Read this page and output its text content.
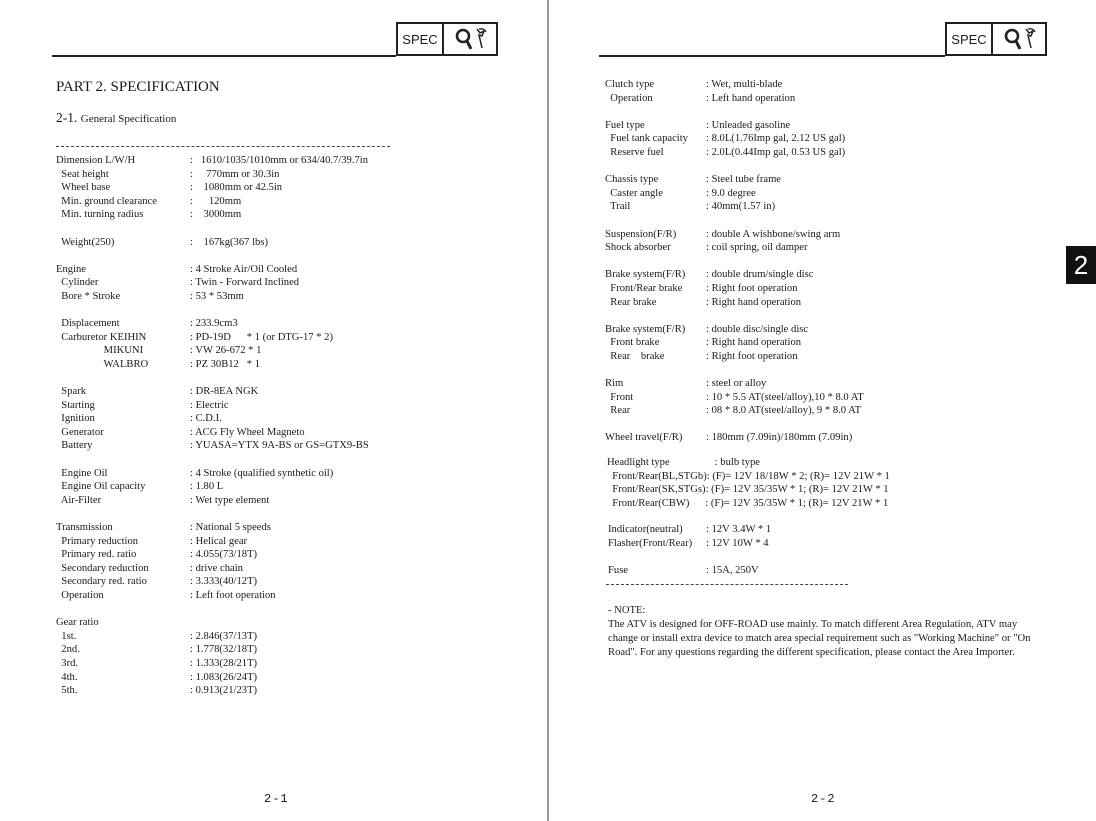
SPEC
PART 2. SPECIFICATION
2-1. General Specification
Dimension L/W/H	:   1610/1035/1010mm or 634/40.7/39.7in
Seat height	:     770mm or 30.3in
Wheel base	:    1080mm or 42.5in
Min. ground clearance	:      120mm
Min. turning radius	:    3000mm
Weight(250)	:    167kg(367 lbs)
Engine	: 4 Stroke Air/Oil Cooled
Cylinder	: Twin - Forward Inclined
Bore * Stroke	: 53 * 53mm
Displacement	: 233.9cm3
Carburetor KEIHIN	: PD-19D      * 1 (or DTG-17 * 2)
MIKUNI	: VW 26-672 * 1
WALBRO	: PZ 30B12   * 1
Spark	: DR-8EA NGK
Starting	: Electric
Ignition	: C.D.I.
Generator	: ACG Fly Wheel Magneto
Battery	: YUASA=YTX 9A-BS or GS=GTX9-BS
Engine Oil	: 4 Stroke (qualified synthetic oil)
Engine Oil capacity	: 1.80 L
Air-Filter	: Wet type element
Transmission	: National 5 speeds
Primary reduction	: Helical gear
Primary red. ratio	: 4.055(73/18T)
Secondary reduction	: drive chain
Secondary red. ratio	: 3.333(40/12T)
Operation	: Left foot operation
Gear ratio
1st.	: 2.846(37/13T)
2nd.	: 1.778(32/18T)
3rd.	: 1.333(28/21T)
4th.	: 1.083(26/24T)
5th.	: 0.913(21/23T)
2-1
SPEC
2-2
Clutch type	: Wet, multi-blade
Operation	: Left hand operation
Fuel type	: Unleaded gasoline
Fuel tank capacity : 8.0L(1.76Imp gal, 2.12 US gal)
Reserve fuel	: 2.0L(0.44Imp gal, 0.53 US gal)
Chassis type	: Steel tube frame
Caster angle	: 9.0 degree
Trail	: 40mm(1.57 in)
Suspension(F/R)	: double A wishbone/swing arm
Shock absorber	: coil spring, oil damper
Brake system(F/R) : double drum/single disc
Front/Rear brake : Right foot operation
Rear brake	: Right hand operation
Brake system(F/R) : double disc/single disc
Front brake	: Right hand operation
Rear    brake	: Right foot operation
Rim	: steel or alloy
Front	: 10 * 5.5 AT(steel/alloy),10 * 8.0 AT
Rear	: 08 * 8.0 AT(steel/alloy), 9 * 8.0 AT
Wheel travel(F/R) : 180mm (7.09in)/180mm (7.09in)
Headlight type                 : bulb type
Front/Rear(BL,STGb): (F)= 12V 18/18W * 2; (R)= 12V 21W * 1
Front/Rear(SK,STGs): (F)= 12V 35/35W * 1; (R)= 12V 21W * 1
Front/Rear(CBW)      : (F)= 12V 35/35W * 1; (R)= 12V 21W * 1
Indicator(neutral) : 12V 3.4W * 1
Flasher(Front/Rear) : 12V 10W * 4
Fuse	: 15A, 250V

- NOTE:

The ATV is designed for OFF-ROAD use mainly. To match different Area Regulation, ATV may change or install extra device to match area special requirement such as "Working Machine" or "On Road". For any questions regarding the different specification, please contact the Area Importer.

2
